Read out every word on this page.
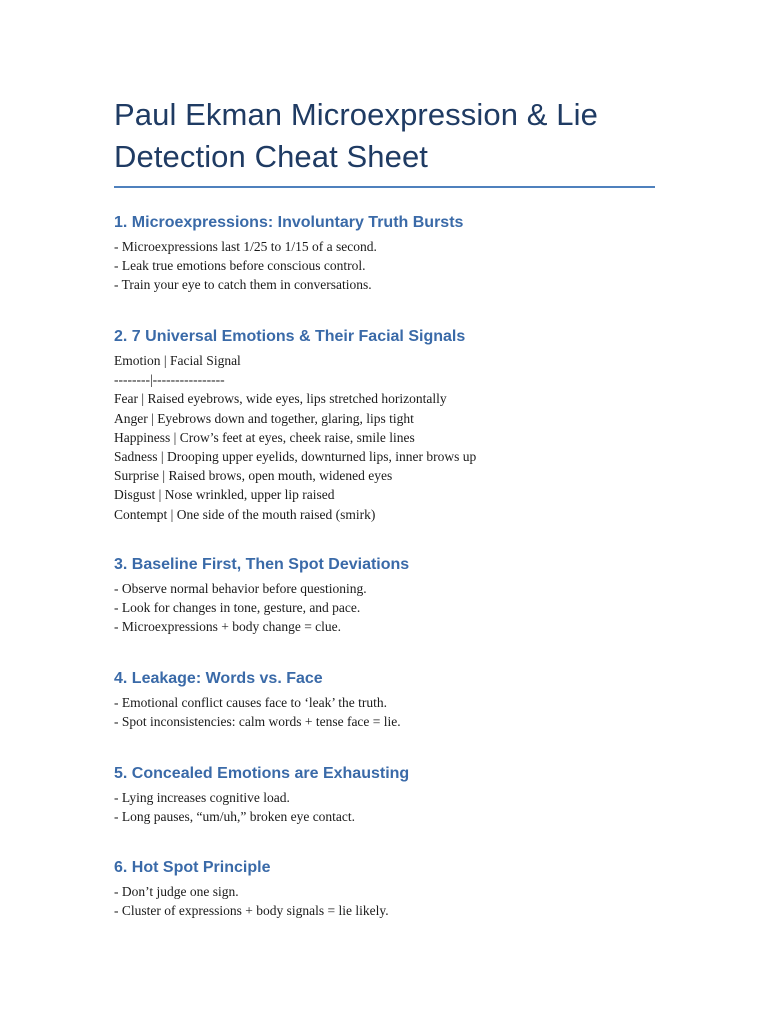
Paul Ekman Microexpression & Lie
Detection Cheat Sheet
1. Microexpressions: Involuntary Truth Bursts
- Microexpressions last 1/25 to 1/15 of a second.
- Leak true emotions before conscious control.
- Train your eye to catch them in conversations.
2. 7 Universal Emotions & Their Facial Signals
Emotion | Facial Signal
--------|----------------
Fear | Raised eyebrows, wide eyes, lips stretched horizontally
Anger | Eyebrows down and together, glaring, lips tight
Happiness | Crow’s feet at eyes, cheek raise, smile lines
Sadness | Drooping upper eyelids, downturned lips, inner brows up
Surprise | Raised brows, open mouth, widened eyes
Disgust | Nose wrinkled, upper lip raised
Contempt | One side of the mouth raised (smirk)
3. Baseline First, Then Spot Deviations
- Observe normal behavior before questioning.
- Look for changes in tone, gesture, and pace.
- Microexpressions + body change = clue.
4. Leakage: Words vs. Face
- Emotional conflict causes face to ‘leak’ the truth.
- Spot inconsistencies: calm words + tense face = lie.
5. Concealed Emotions are Exhausting
- Lying increases cognitive load.
- Long pauses, “um/uh,” broken eye contact.
6. Hot Spot Principle
- Don’t judge one sign.
- Cluster of expressions + body signals = lie likely.
